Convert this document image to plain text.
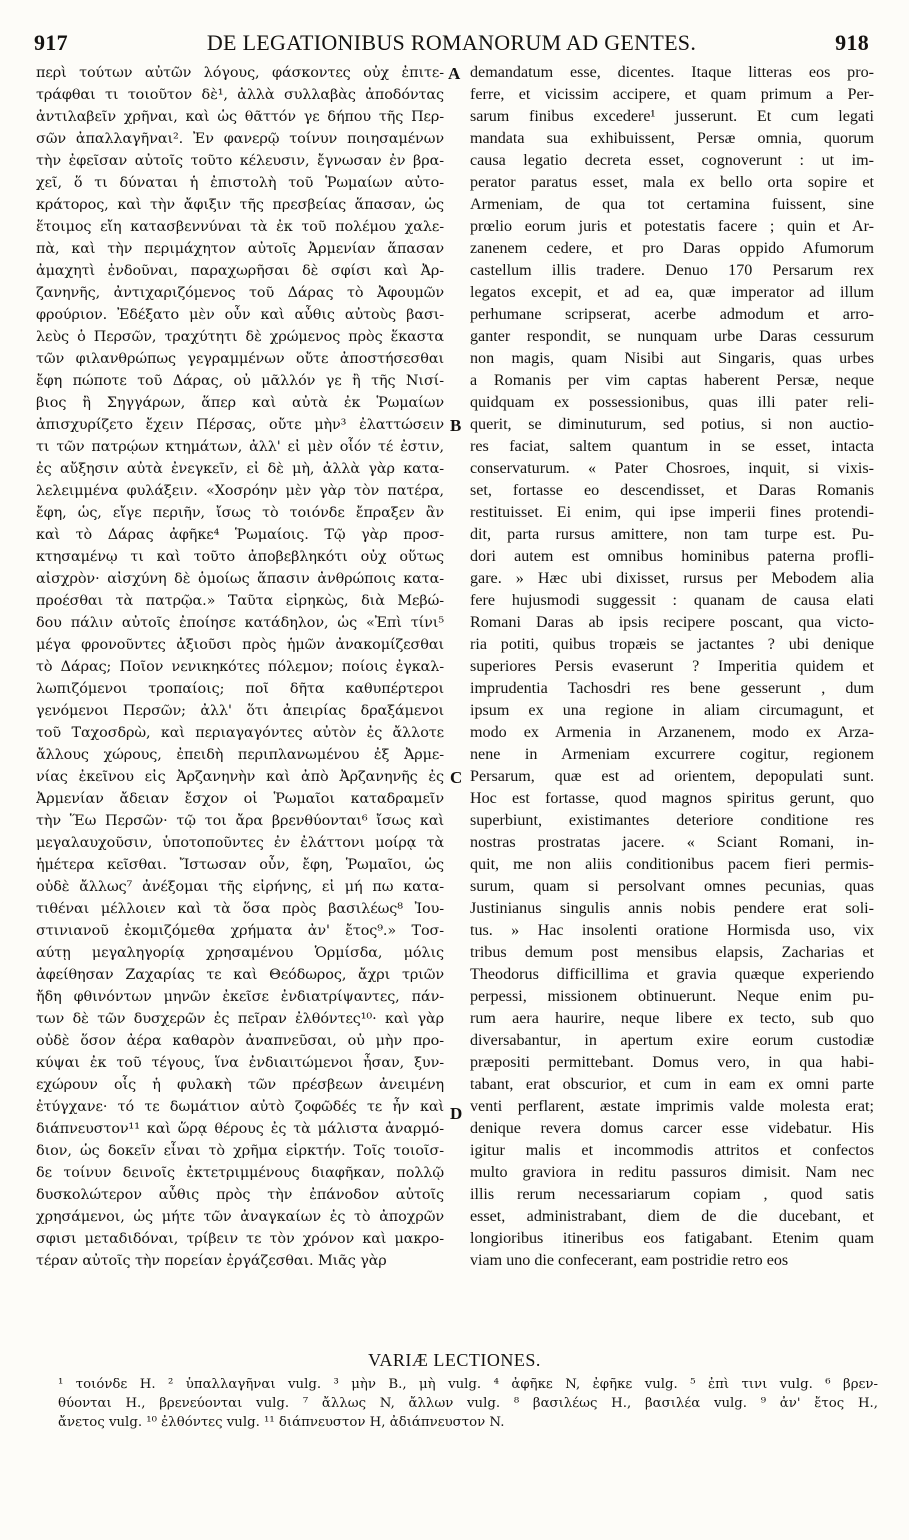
917	DE LEGATIONIBUS ROMANORUM AD GENTES.	918
περὶ τούτων αὐτῶν λόγους, φάσκοντες οὐχ ἐπιτε-
τράφθαι τι τοιοῦτον δὲ¹, ἀλλὰ συλλαβὰς ἀποδόντας
ἀντιλαβεῖν χρῆναι, καὶ ὡς θᾶττόν γε δήπου τῆς Περ-
σῶν ἀπαλλαγῆναι². Ἐν φανερῷ τοίνυν ποιησαμένων
τὴν ἐφεῖσαν αὐτοῖς τοῦτο κέλευσιν, ἔγνωσαν ἐν βρα-
χεῖ, ὅ τι δύναται ἡ ἐπιστολὴ τοῦ Ῥωμαίων αὐτο-
κράτορος, καὶ τὴν ἄφιξιν τῆς πρεσβείας ἅπασαν, ὡς
ἕτοιμος εἴη κατασβεννύναι τὰ ἐκ τοῦ πολέμου χαλε-
πὰ, καὶ τὴν περιμάχητον αὐτοῖς Ἀρμενίαν ἅπασαν
ἀμαχητὶ ἐνδοῦναι, παραχωρῆσαι δὲ σφίσι καὶ Ἀρ-
ζανηνῆς, ἀντιχαριζόμενος τοῦ Δάρας τὸ Ἀφουμῶν
φρούριον. Ἐδέξατο μὲν οὖν καὶ αὖθις αὐτοὺς βασι-
λεὺς ὁ Περσῶν, τραχύτητι δὲ χρώμενος πρὸς ἕκαστα
τῶν φιλανθρώπως γεγραμμένων οὔτε ἀποστήσεσθαι
ἔφη πώποτε τοῦ Δάρας, οὐ μᾶλλόν γε ἢ τῆς Νισί-
βιος ἢ Σηγγάρων, ἅπερ καὶ αὐτὰ ἐκ Ῥωμαίων
ἀπισχυρίζετο ἔχειν Πέρσας, οὔτε μὴν³ ἐλαττώσειν
τι τῶν πατρῴων κτημάτων, ἀλλ' εἰ μὲν οἷόν τέ ἐστιν,
ἐς αὔξησιν αὐτὰ ἐνεγκεῖν, εἰ δὲ μὴ, ἀλλὰ γὰρ κατα-
λελειμμένα φυλάξειν. «Χοσρόην μὲν γὰρ τὸν πατέρα,
ἔφη, ὡς, εἴγε περιῆν, ἴσως τὸ τοιόνδε ἔπραξεν ἂν
καὶ τὸ Δάρας ἀφῆκε⁴ Ῥωμαίοις. Τῷ γὰρ προσ-
κτησαμένῳ τι καὶ τοῦτο ἀποβεβληκότι οὐχ οὕτως
αἰσχρὸν· αἰσχύνη δὲ ὁμοίως ἅπασιν ἀνθρώποις κατα-
προέσθαι τὰ πατρῷα.» Ταῦτα εἰρηκὼς, διὰ Μεβώ-
δου πάλιν αὐτοῖς ἐποίησε κατάδηλον, ὡς «Ἐπὶ τίνι⁵
μέγα φρονοῦντες ἀξιοῦσι πρὸς ἡμῶν ἀνακομίζεσθαι
τὸ Δάρας; Ποῖον νενικηκότες πόλεμον; ποίοις ἐγκαλ-
λωπιζόμενοι τροπαίοις; ποῖ δῆτα καθυπέρτεροι
γενόμενοι Περσῶν; ἀλλ' ὅτι ἀπειρίας δραξάμενοι
τοῦ Ταχοσδρὼ, καὶ περιαγαγόντες αὐτὸν ἐς ἄλλοτε
ἄλλους χώρους, ἐπειδὴ περιπλανωμένου ἐξ Ἀρμε-
νίας ἐκεῖνου εἰς Ἀρζανηνὴν καὶ ἀπὸ Ἀρζανηνῆς ἐς
Ἀρμενίαν ἄδειαν ἔσχον οἱ Ῥωμαῖοι καταδραμεῖν
τὴν Ἕω Περσῶν· τῷ τοι ἄρα βρενθύονται⁶ ἴσως καὶ
μεγαλαυχοῦσιν, ὑποτοποῦντες ἐν ἐλάττονι μοίρᾳ τὰ
ἡμέτερα κεῖσθαι. Ἴστωσαν οὖν, ἔφη, Ῥωμαῖοι, ὡς
οὐδὲ ἄλλως⁷ ἀνέξομαι τῆς εἰρήνης, εἰ μή πω κατα-
τιθέναι μέλλοιεν καὶ τὰ ὅσα πρὸς βασιλέως⁸ Ἰου-
στινιανοῦ ἐκομιζόμεθα χρήματα ἀν' ἔτος⁹.» Τοσ-
αύτῃ μεγαληγορίᾳ χρησαμένου Ὁρμίσδα, μόλις
ἀφείθησαν Ζαχαρίας τε καὶ Θεόδωρος, ἄχρι τριῶν
ἤδη φθινόντων μηνῶν ἐκεῖσε ἐνδιατρίψαντες, πάν-
των δὲ τῶν δυσχερῶν ἐς πεῖραν ἐλθόντες¹⁰· καὶ γὰρ
οὐδὲ ὅσον ἀέρα καθαρὸν ἀναπνεῦσαι, οὐ μὴν προ-
κύψαι ἐκ τοῦ τέγους, ἵνα ἐνδιαιτώμενοι ἦσαν, ξυν-
εχώρουν οἷς ἡ φυλακὴ τῶν πρέσβεων ἀνειμένη
ἐτύγχανε· τό τε δωμάτιον αὐτὸ ζοφῶδές τε ἦν καὶ
διάπνευστον¹¹ καὶ ὥρᾳ θέρους ἐς τὰ μάλιστα ἀναρμό-
διον, ὡς δοκεῖν εἶναι τὸ χρῆμα εἱρκτήν. Τοῖς τοιοῖσ-
δε τοίνυν δεινοῖς ἐκτετριμμένους διαφῆκαν, πολλῷ
δυσκολώτερον αὖθις πρὸς τὴν ἐπάνοδον αὐτοῖς
χρησάμενοι, ὡς μήτε τῶν ἀναγκαίων ἐς τὸ ἀποχρῶν
σφισι μεταδιδόναι, τρίβειν τε τὸν χρόνον καὶ μακρο-
τέραν αὐτοῖς τὴν πορείαν ἐργάζεσθαι. Μιᾶς γὰρ
demandatum esse, dicentes. Itaque litteras eos pro-
ferre, et vicissim accipere, et quam primum a Per-
sarum finibus excedere¹ jusserunt. Et cum legati
mandata sua exhibuissent, Persæ omnia, quorum
causa legatio decreta esset, cognoverunt : ut im-
perator paratus esset, mala ex bello orta sopire et
Armeniam, de qua tot certamina fuissent, sine
prœlio eorum juris et potestatis facere ; quin et Ar-
zanenem cedere, et pro Daras oppido Afumorum
castellum illis tradere. Denuo 170 Persarum rex
legatos excepit, et ad ea, quæ imperator ad illum
perhumane scripserat, acerbe admodum et arro-
ganter respondit, se nunquam urbe Daras cessurum
non magis, quam Nisibi aut Singaris, quas urbes
a Romanis per vim captas haberent Persæ, neque
quidquam ex possessionibus, quas illi pater reli-
querit, se diminuturum, sed potius, si non auctio-
res faciat, saltem quantum in se esset, intacta
conservaturum. « Pater Chosroes, inquit, si vixis-
set, fortasse eo descendisset, et Daras Romanis
restituisset. Ei enim, qui ipse imperii fines protendi-
dit, parta rursus amittere, non tam turpe est. Pu-
dori autem est omnibus hominibus paterna profli-
gare. » Hæc ubi dixisset, rursus per Mebodem alia
fere hujusmodi suggessit : quanam de causa elati
Romani Daras ab ipsis recipere poscant, qua victo-
ria potiti, quibus tropæis se jactantes ? ubi denique
superiores Persis evaserunt ? Imperitia quidem et
imprudentia Tachosdri res bene gesserunt , dum
ipsum ex una regione in aliam circumagunt, et
modo ex Armenia in Arzanenem, modo ex Arza-
nene in Armeniam excurrere cogitur, regionem
Persarum, quæ est ad orientem, depopulati sunt.
Hoc est fortasse, quod magnos spiritus gerunt, quo
superbiunt, existimantes deteriore conditione res
nostras prostratas jacere. « Sciant Romani, in-
quit, me non aliis conditionibus pacem fieri permis-
surum, quam si persolvant omnes pecunias, quas
Justinianus singulis annis nobis pendere erat soli-
tus. » Hac insolenti oratione Hormisda uso, vix
tribus demum post mensibus elapsis, Zacharias et
Theodorus difficillima et gravia quæque experiendo
perpessi, missionem obtinuerunt. Neque enim pu-
rum aera haurire, neque libere ex tecto, sub quo
diversabantur, in apertum exire eorum custodiæ
præpositi permittebant. Domus vero, in qua habi-
tabant, erat obscurior, et cum in eam ex omni parte
venti perflarent, æstate imprimis valde molesta erat;
denique revera domus carcer esse videbatur. His
igitur malis et incommodis attritos et confectos
multo graviora in reditu passuros dimisit. Nam nec
illis rerum necessariarum copiam , quod satis
esset, administrabant, diem de die ducebant, et
longioribus itineribus eos fatigabant. Etenim quam
viam uno die confecerant, eam postridie retro eos
A
B
C
D
VARIÆ LECTIONES.
¹ τοιόνδε H. ² ὑπαλλαγῆναι vulg. ³ μὴν B., μὴ vulg. ⁴ ἀφῆκε N, ἐφῆκε vulg. ⁵ ἐπὶ τινι vulg. ⁶ βρεν-
θύονται H., βρενεύονται vulg. ⁷ ἄλλως N, ἄλλων vulg. ⁸ βασιλέως H., βασιλέα vulg. ⁹ ἀν' ἔτος H.,
ἄνετος vulg. ¹⁰ ἐλθόντες vulg. ¹¹ διάπνευστον H, ἀδιάπνευστον N.
